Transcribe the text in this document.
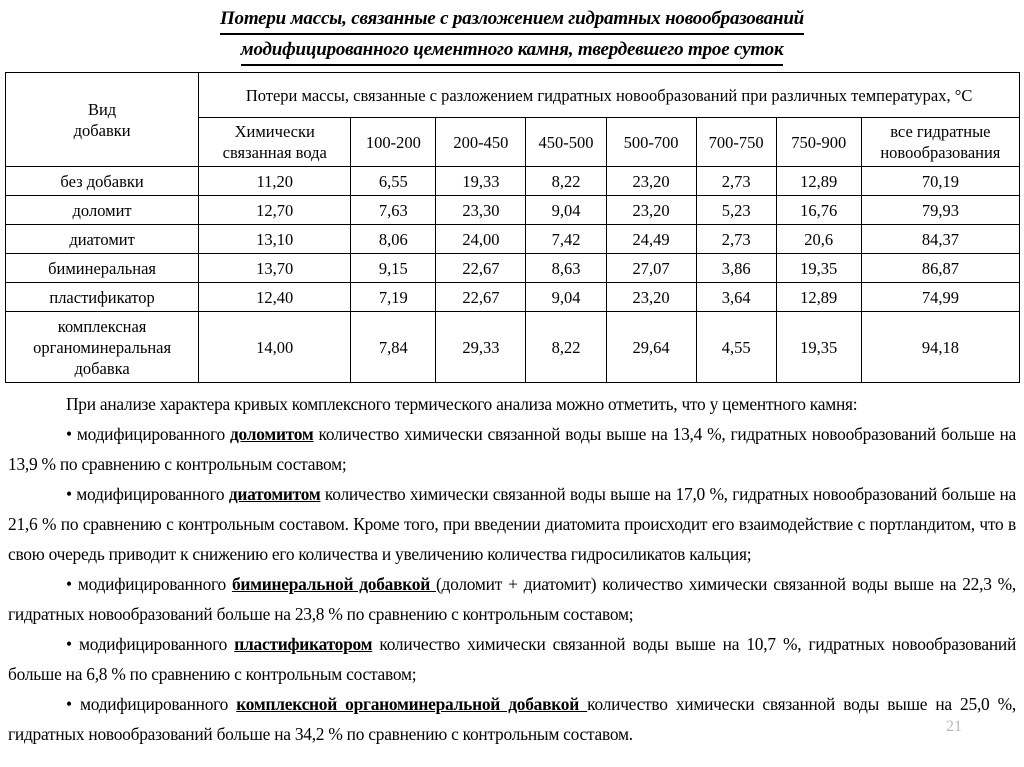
Потери массы, связанные с разложением гидратных новообразований
модифицированного цементного камня, твердевшего трое суток
Вид
добавки	Потери массы, связанные с разложением гидратных новообразований при различных температурах, °С							
	Химически
связанная вода	100-200	200-450	450-500	500-700	700-750	750-900	все гидратные
новообразования
без добавки	11,20	6,55	19,33	8,22	23,20	2,73	12,89	70,19
доломит	12,70	7,63	23,30	9,04	23,20	5,23	16,76	79,93
диатомит	13,10	8,06	24,00	7,42	24,49	2,73	20,6	84,37
биминеральная	13,70	9,15	22,67	8,63	27,07	3,86	19,35	86,87
пластификатор	12,40	7,19	22,67	9,04	23,20	3,64	12,89	74,99
комплексная
органоминеральная
добавка	14,00	7,84	29,33	8,22	29,64	4,55	19,35	94,18

При анализе характера кривых комплексного термического анализа можно отметить, что у цементного камня:

• модифицированного доломитом количество химически связанной воды выше на 13,4 %, гидратных новообразований больше на 13,9 % по сравнению с контрольным составом;

• модифицированного диатомитом количество химически связанной воды выше на 17,0 %, гидратных новообразований больше на 21,6 % по сравнению с контрольным составом. Кроме того, при введении диатомита происходит его взаимодействие с портландитом, что в свою очередь приводит к снижению его количества и увеличению количества гидросиликатов кальция;

• модифицированного биминеральной добавкой (доломит + диатомит) количество химически связанной воды выше на 22,3 %, гидратных новообразований больше на 23,8 % по сравнению с контрольным составом;

• модифицированного пластификатором количество химически связанной воды выше на 10,7 %, гидратных новообразований больше на 6,8 % по сравнению с контрольным составом;

• модифицированного комплексной органоминеральной добавкой количество химически связанной воды выше на 25,0 %, гидратных новообразований больше на 34,2 % по сравнению с контрольным составом.	21
